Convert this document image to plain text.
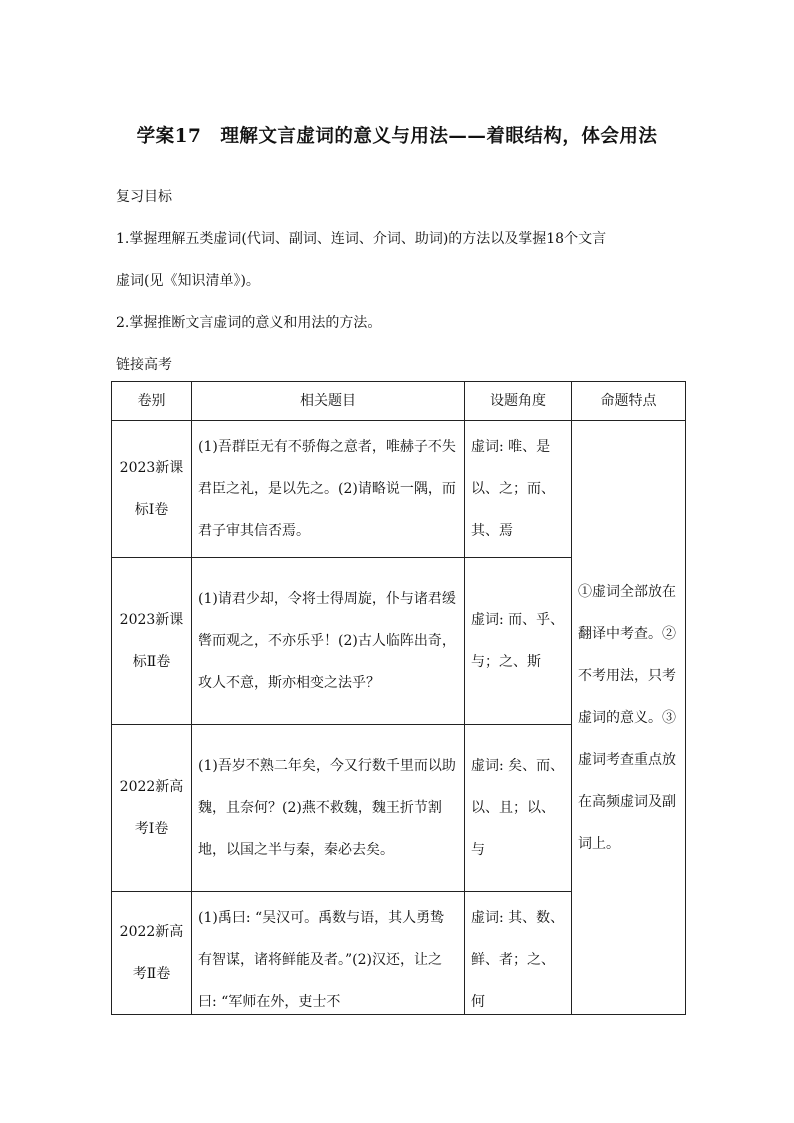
学案17　理解文言虚词的意义与用法——着眼结构，体会用法
复习目标
1.掌握理解五类虚词(代词、副词、连词、介词、助词)的方法以及掌握18个文言
虚词(见《知识清单》)。
2.掌握推断文言虚词的意义和用法的方法。
链接高考
卷别	相关题目	设题角度	命题特点
2023新课标Ⅰ卷	(1)吾群臣无有不骄侮之意者，唯赫子不失君臣之礼，是以先之。(2)请略说一隅，而君子审其信否焉。	虚词: 唯、是以、之；而、其、焉	①虚词全部放在翻译中考查。②不考用法，只考虚词的意义。③虚词考查重点放在高频虚词及副词上。
2023新课标Ⅱ卷	(1)请君少却，令将士得周旋，仆与诸君缓辔而观之，不亦乐乎！(2)古人临阵出奇，攻人不意，斯亦相变之法乎？	虚词: 而、乎、与；之、斯	
2022新高考Ⅰ卷	(1)吾岁不熟二年矣，今又行数千里而以助魏，且奈何？(2)燕不救魏，魏王折节割地，以国之半与秦，秦必去矣。	虚词: 矣、而、以、且；以、与	
2022新高考Ⅱ卷	(1)禹曰: “吴汉可。禹数与语，其人勇鸷有智谋，诸将鲜能及者。”(2)汉还，让之曰: “军师在外，吏士不	虚词: 其、数、鲜、者；之、何	
